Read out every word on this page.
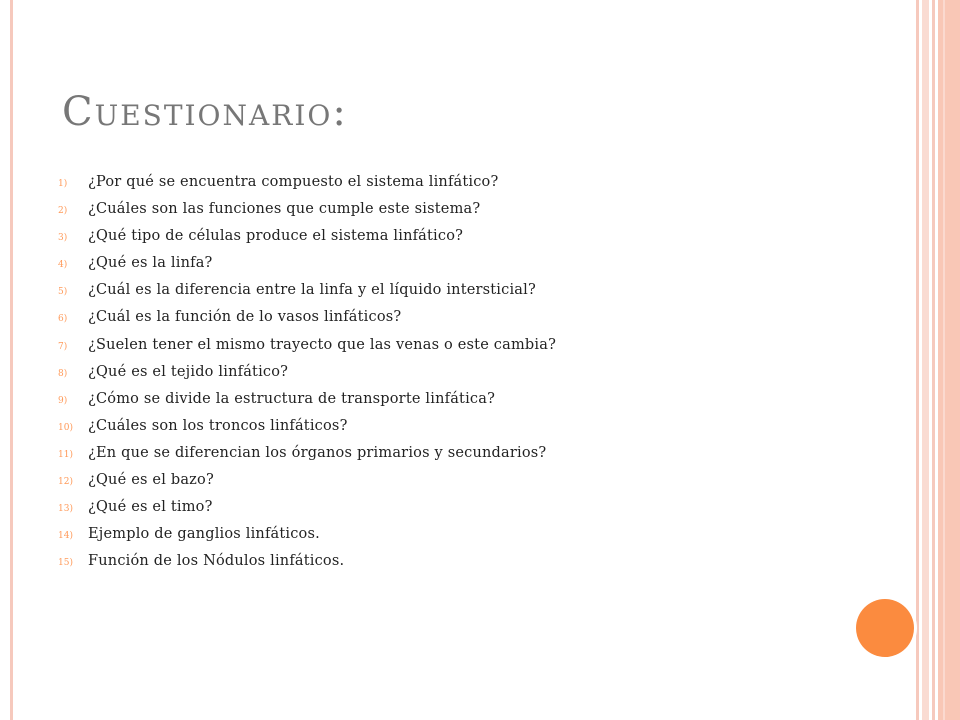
Cuestionario:
1)	¿Por qué se encuentra compuesto el sistema linfático?
2)	¿Cuáles son las funciones que cumple este sistema?
3)	¿Qué tipo de células produce el sistema linfático?
4)	¿Qué es la linfa?
5)	¿Cuál es la diferencia entre la linfa y el líquido intersticial?
6)	¿Cuál es la función de lo vasos linfáticos?
7)	¿Suelen tener el mismo trayecto que las venas o este cambia?
8)	¿Qué es el tejido linfático?
9)	¿Cómo se divide la estructura de transporte linfática?
10)	¿Cuáles son los troncos linfáticos?
11)	¿En que se diferencian los órganos primarios y secundarios?
12)	¿Qué es el bazo?
13)	¿Qué es el timo?
14)	Ejemplo de ganglios linfáticos.
15)	Función de los Nódulos linfáticos.
